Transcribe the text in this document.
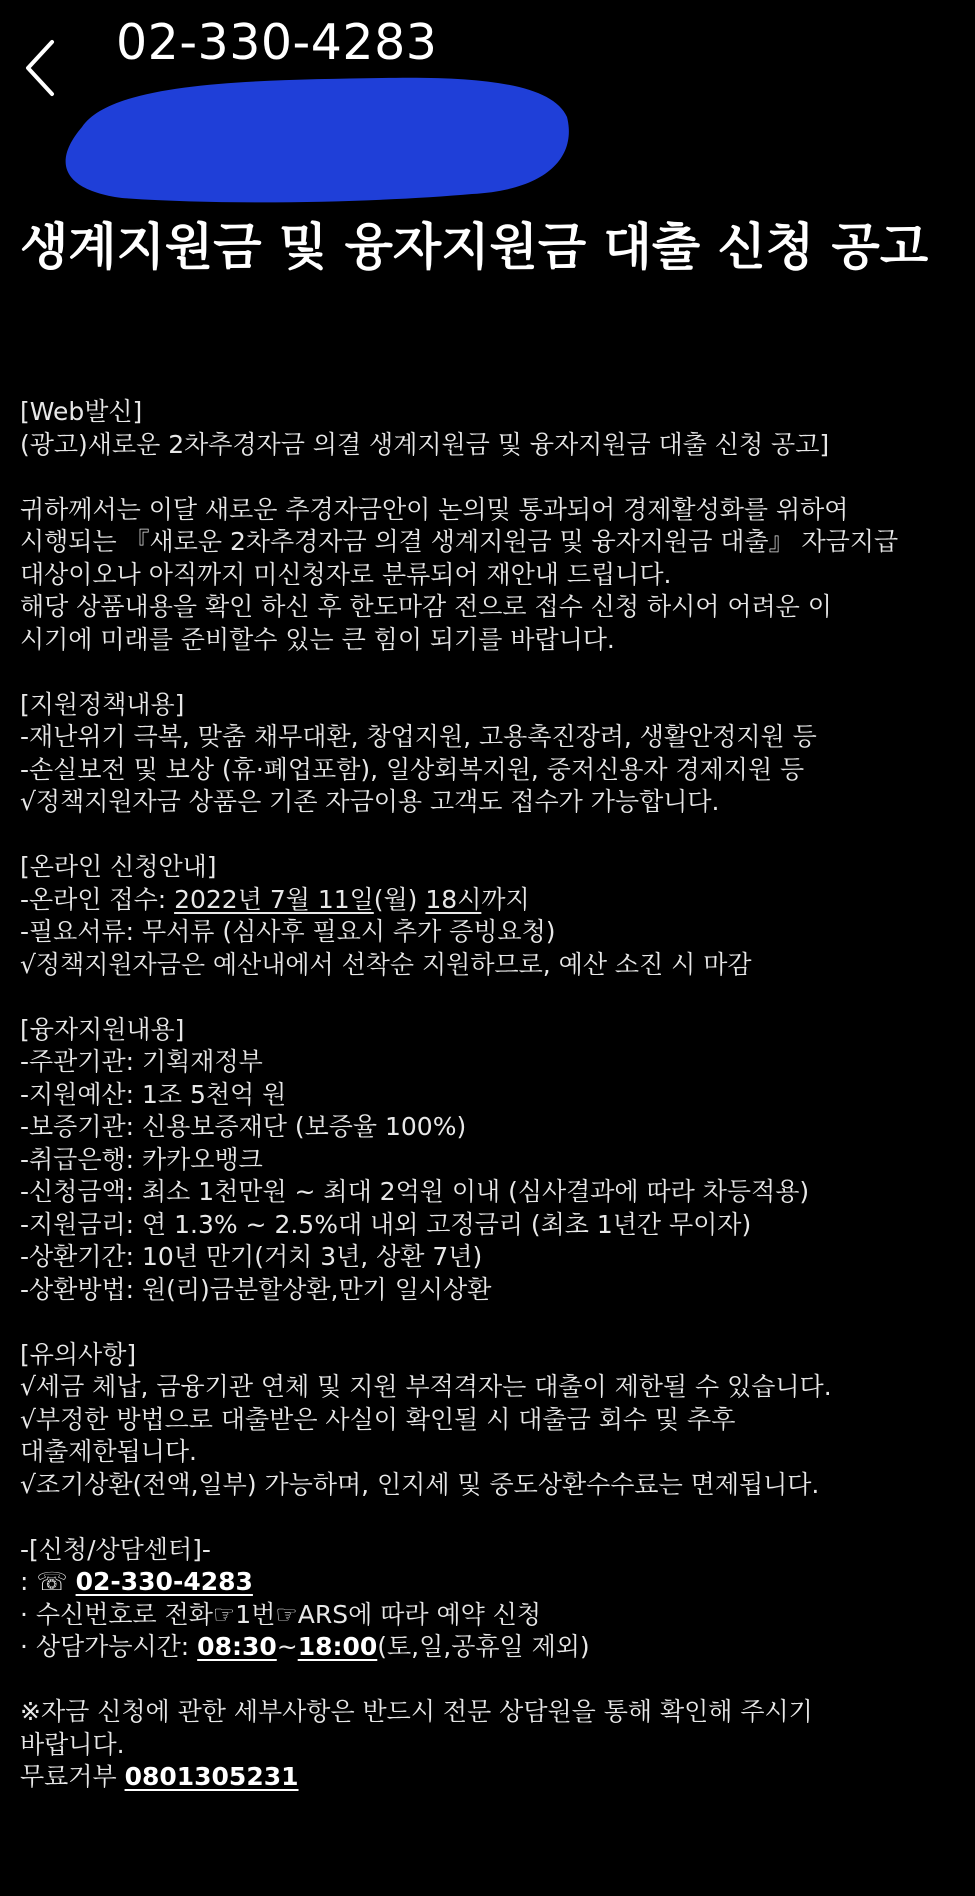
02-330-4283
생계지원금 및 융자지원금 대출 신청 공고
[Web발신]
(광고)새로운 2차추경자금 의결 생계지원금 및 융자지원금 대출 신청 공고]
귀하께서는 이달 새로운 추경자금안이 논의및 통과되어 경제활성화를 위하여
시행되는 『새로운 2차추경자금 의결 생계지원금 및 융자지원금 대출』 자금지급
대상이오나 아직까지 미신청자로 분류되어 재안내 드립니다.
해당 상품내용을 확인 하신 후 한도마감 전으로 접수 신청 하시어 어려운 이
시기에 미래를 준비할수 있는 큰 힘이 되기를 바랍니다.
[지원정책내용]
-재난위기 극복, 맞춤 채무대환, 창업지원, 고용촉진장려, 생활안정지원 등
-손실보전 및 보상 (휴·폐업포함), 일상회복지원, 중저신용자 경제지원 등
√정책지원자금 상품은 기존 자금이용 고객도 접수가 가능합니다.
[온라인 신청안내]
-온라인 접수: 2022년 7월 11일(월) 18시까지
-필요서류: 무서류 (심사후 필요시 추가 증빙요청)
√정책지원자금은 예산내에서 선착순 지원하므로, 예산 소진 시 마감
[융자지원내용]
-주관기관: 기획재정부
-지원예산: 1조 5천억 원
-보증기관: 신용보증재단 (보증율 100%)
-취급은행: 카카오뱅크
-신청금액: 최소 1천만원 ~ 최대 2억원 이내 (심사결과에 따라 차등적용)
-지원금리: 연 1.3% ~ 2.5%대 내외 고정금리 (최초 1년간 무이자)
-상환기간: 10년 만기(거치 3년, 상환 7년)
-상환방법: 원(리)금분할상환,만기 일시상환
[유의사항]
√세금 체납, 금융기관 연체 및 지원 부적격자는 대출이 제한될 수 있습니다.
√부정한 방법으로 대출받은 사실이 확인될 시 대출금 회수 및 추후
대출제한됩니다.
√조기상환(전액,일부) 가능하며, 인지세 및 중도상환수수료는 면제됩니다.
-[신청/상담센터]-
: ☏ 02-330-4283
· 수신번호로 전화☞1번☞ARS에 따라 예약 신청
· 상담가능시간: 08:30~18:00(토,일,공휴일 제외)
※자금 신청에 관한 세부사항은 반드시 전문 상담원을 통해 확인해 주시기
바랍니다.
무료거부 0801305231
